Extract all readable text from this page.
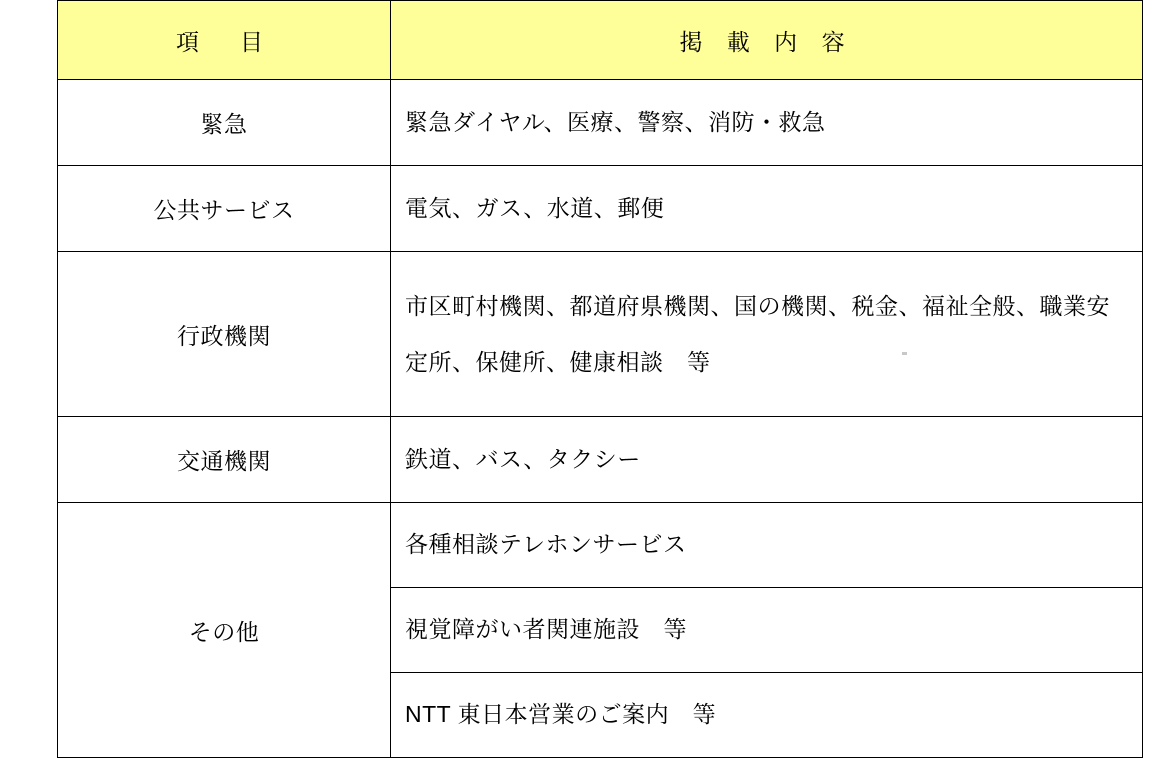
項　目	掲 載 内 容

緊急	緊急ダイヤル、医療、警察、消防・救急

公共サービス	電気、ガス、水道、郵便

行政機関	市区町村機関、都道府県機関、国の機関、税金、福祉全般、職業安定所、保健所、健康相談　等

交通機関	鉄道、バス、タクシー

その他	各種相談テレホンサービス

	視覚障がい者関連施設　等

	NTT 東日本営業のご案内　等
